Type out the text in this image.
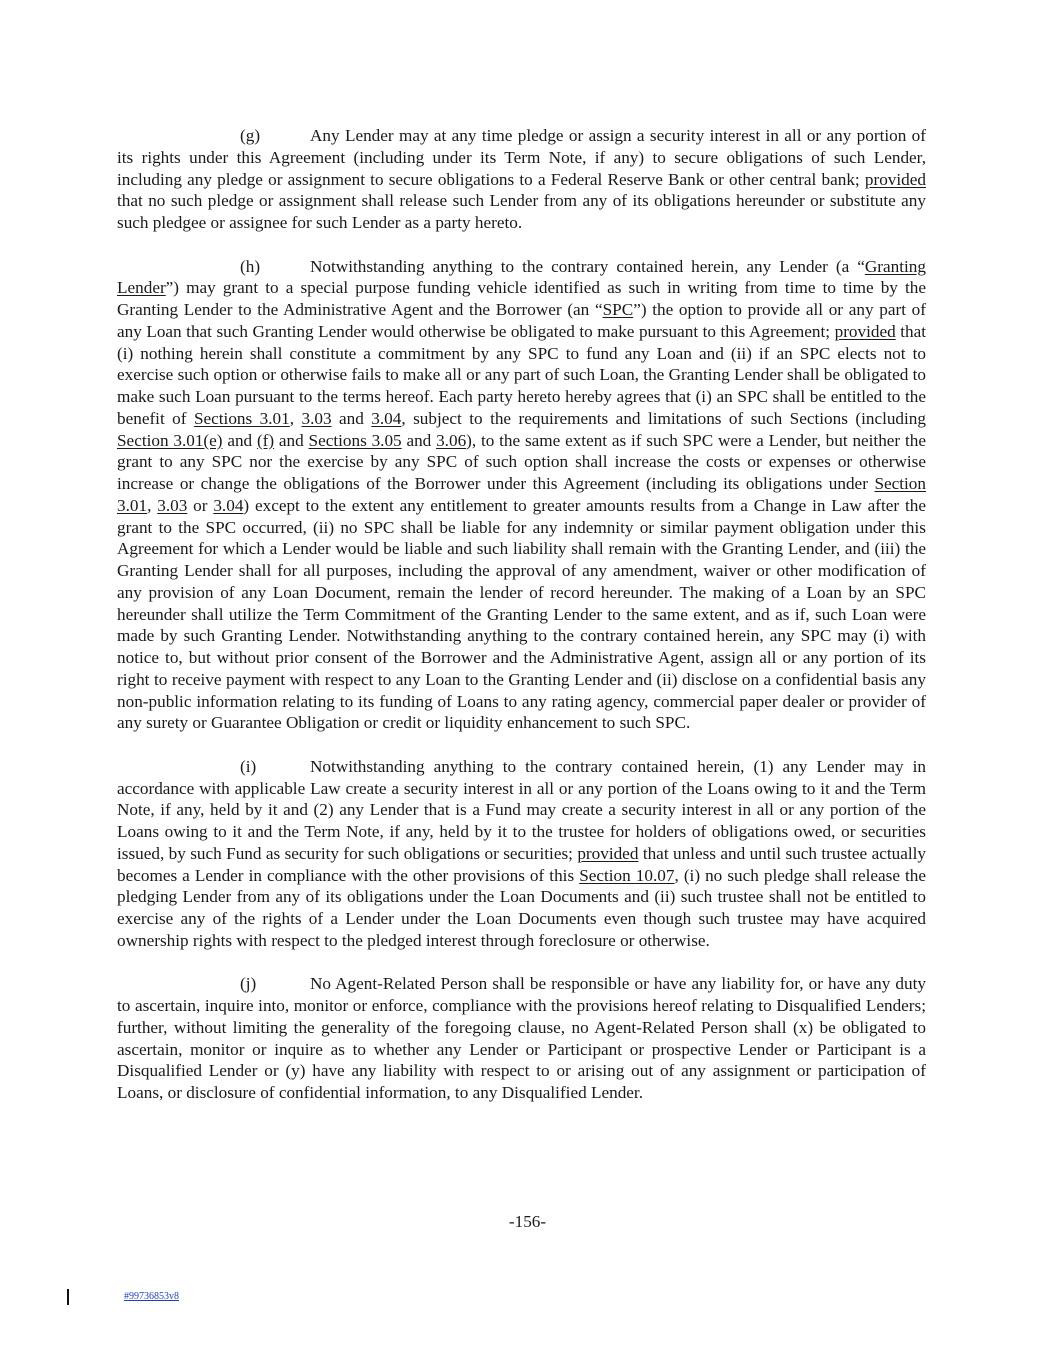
(g)	Any Lender may at any time pledge or assign a security interest in all or any portion of its rights under this Agreement (including under its Term Note, if any) to secure obligations of such Lender, including any pledge or assignment to secure obligations to a Federal Reserve Bank or other central bank; provided that no such pledge or assignment shall release such Lender from any of its obligations hereunder or substitute any such pledgee or assignee for such Lender as a party hereto.

(h)	Notwithstanding anything to the contrary contained herein, any Lender (a “Granting Lender”) may grant to a special purpose funding vehicle identified as such in writing from time to time by the Granting Lender to the Administrative Agent and the Borrower (an “SPC”) the option to provide all or any part of any Loan that such Granting Lender would otherwise be obligated to make pursuant to this Agreement; provided that (i) nothing herein shall constitute a commitment by any SPC to fund any Loan and (ii) if an SPC elects not to exercise such option or otherwise fails to make all or any part of such Loan, the Granting Lender shall be obligated to make such Loan pursuant to the terms hereof. Each party hereto hereby agrees that (i) an SPC shall be entitled to the benefit of Sections 3.01, 3.03 and 3.04, subject to the requirements and limitations of such Sections (including Section 3.01(e) and (f) and Sections 3.05 and 3.06), to the same extent as if such SPC were a Lender, but neither the grant to any SPC nor the exercise by any SPC of such option shall increase the costs or expenses or otherwise increase or change the obligations of the Borrower under this Agreement (including its obligations under Section 3.01, 3.03 or 3.04) except to the extent any entitlement to greater amounts results from a Change in Law after the grant to the SPC occurred, (ii) no SPC shall be liable for any indemnity or similar payment obligation under this Agreement for which a Lender would be liable and such liability shall remain with the Granting Lender, and (iii) the Granting Lender shall for all purposes, including the approval of any amendment, waiver or other modification of any provision of any Loan Document, remain the lender of record hereunder. The making of a Loan by an SPC hereunder shall utilize the Term Commitment of the Granting Lender to the same extent, and as if, such Loan were made by such Granting Lender. Notwithstanding anything to the contrary contained herein, any SPC may (i) with notice to, but without prior consent of the Borrower and the Administrative Agent, assign all or any portion of its right to receive payment with respect to any Loan to the Granting Lender and (ii) disclose on a confidential basis any non-public information relating to its funding of Loans to any rating agency, commercial paper dealer or provider of any surety or Guarantee Obligation or credit or liquidity enhancement to such SPC.

(i)	Notwithstanding anything to the contrary contained herein, (1) any Lender may in accordance with applicable Law create a security interest in all or any portion of the Loans owing to it and the Term Note, if any, held by it and (2) any Lender that is a Fund may create a security interest in all or any portion of the Loans owing to it and the Term Note, if any, held by it to the trustee for holders of obligations owed, or securities issued, by such Fund as security for such obligations or securities; provided that unless and until such trustee actually becomes a Lender in compliance with the other provisions of this Section 10.07, (i) no such pledge shall release the pledging Lender from any of its obligations under the Loan Documents and (ii) such trustee shall not be entitled to exercise any of the rights of a Lender under the Loan Documents even though such trustee may have acquired ownership rights with respect to the pledged interest through foreclosure or otherwise.

(j)	No Agent-Related Person shall be responsible or have any liability for, or have any duty to ascertain, inquire into, monitor or enforce, compliance with the provisions hereof relating to Disqualified Lenders; further, without limiting the generality of the foregoing clause, no Agent-Related Person shall (x) be obligated to ascertain, monitor or inquire as to whether any Lender or Participant or prospective Lender or Participant is a Disqualified Lender or (y) have any liability with respect to or arising out of any assignment or participation of Loans, or disclosure of confidential information, to any Disqualified Lender.

-156-
#99736853v8
